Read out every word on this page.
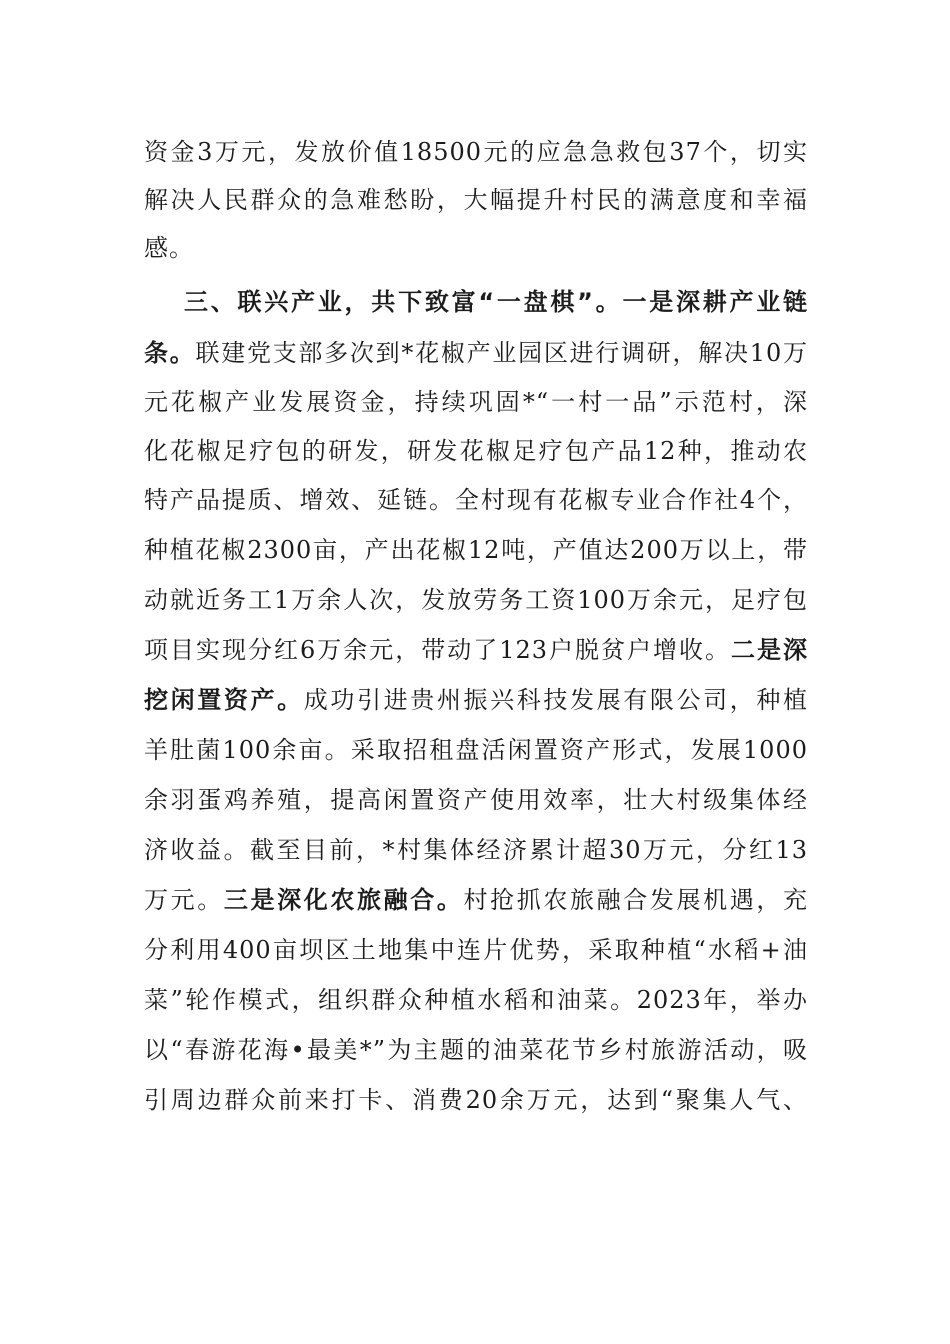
资金3万元，发放价值18500元的应急急救包37个，切实
解决人民群众的急难愁盼，大幅提升村民的满意度和幸福
感。
三、联兴产业，共下致富“一盘棋”。一是深耕产业链
条。联建党支部多次到*花椒产业园区进行调研，解决10万
元花椒产业发展资金，持续巩固*“一村一品”示范村，深
化花椒足疗包的研发，研发花椒足疗包产品12种，推动农
特产品提质、增效、延链。全村现有花椒专业合作社4个，
种植花椒2300亩，产出花椒12吨，产值达200万以上，带
动就近务工1万余人次，发放劳务工资100万余元，足疗包
项目实现分红6万余元，带动了123户脱贫户增收。二是深
挖闲置资产。成功引进贵州振兴科技发展有限公司，种植
羊肚菌100余亩。采取招租盘活闲置资产形式，发展1000
余羽蛋鸡养殖，提高闲置资产使用效率，壮大村级集体经
济收益。截至目前，*村集体经济累计超30万元，分红13
万元。三是深化农旅融合。村抢抓农旅融合发展机遇，充
分利用400亩坝区土地集中连片优势，采取种植“水稻+油
菜”轮作模式，组织群众种植水稻和油菜。2023年，举办
以“春游花海•最美*”为主题的油菜花节乡村旅游活动，吸
引周边群众前来打卡、消费20余万元，达到“聚集人气、
